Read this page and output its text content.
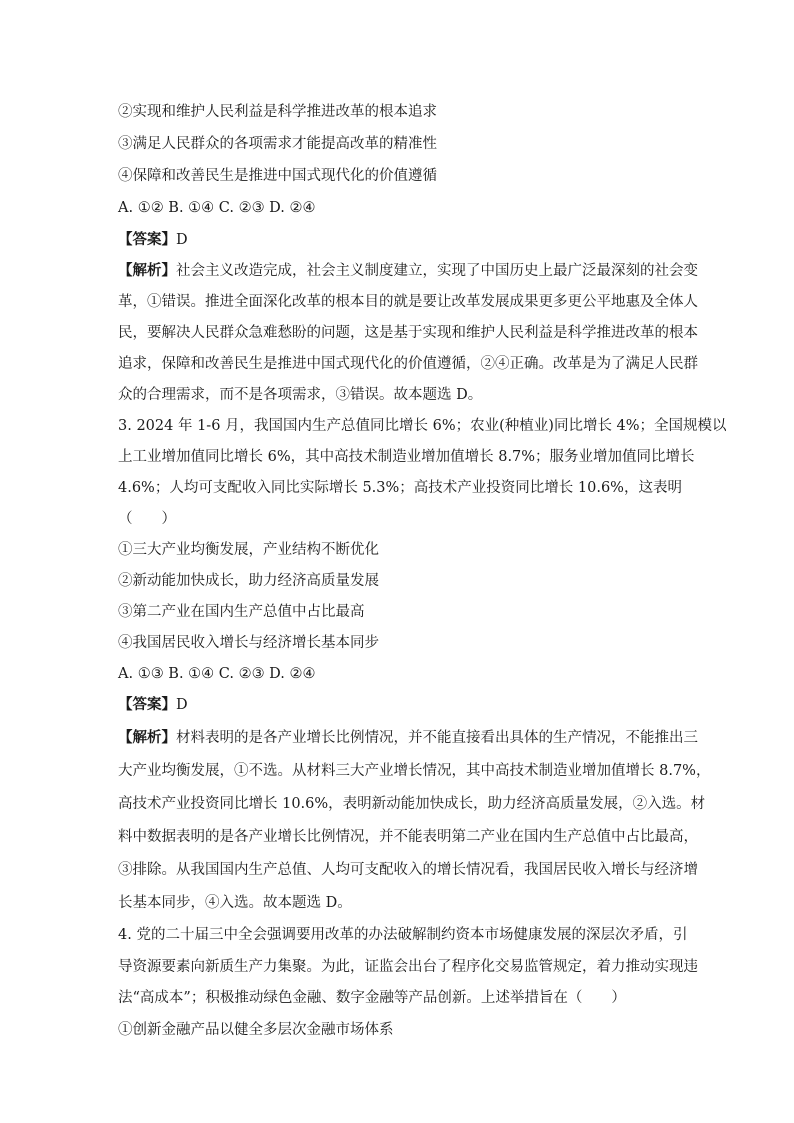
②实现和维护人民利益是科学推进改革的根本追求
③满足人民群众的各项需求才能提高改革的精准性
④保障和改善民生是推进中国式现代化的价值遵循
A. ①② B. ①④ C. ②③ D. ②④
【答案】D
【解析】社会主义改造完成，社会主义制度建立，实现了中国历史上最广泛最深刻的社会变
革，①错误。推进全面深化改革的根本目的就是要让改革发展成果更多更公平地惠及全体人
民，要解决人民群众急难愁盼的问题，这是基于实现和维护人民利益是科学推进改革的根本
追求，保障和改善民生是推进中国式现代化的价值遵循，②④正确。改革是为了满足人民群
众的合理需求，而不是各项需求，③错误。故本题选 D。
3. 2024 年 1-6 月，我国国内生产总值同比增长 6%；农业(种植业)同比增长 4%；全国规模以
上工业增加值同比增长 6%，其中高技术制造业增加值增长 8.7%；服务业增加值同比增长
4.6%；人均可支配收入同比实际增长 5.3%；高技术产业投资同比增长 10.6%，这表明
（　　）
①三大产业均衡发展，产业结构不断优化
②新动能加快成长，助力经济高质量发展
③第二产业在国内生产总值中占比最高
④我国居民收入增长与经济增长基本同步
A. ①③ B. ①④ C. ②③ D. ②④
【答案】D
【解析】材料表明的是各产业增长比例情况，并不能直接看出具体的生产情况，不能推出三
大产业均衡发展，①不选。从材料三大产业增长情况，其中高技术制造业增加值增长 8.7%，
高技术产业投资同比增长 10.6%，表明新动能加快成长，助力经济高质量发展，②入选。材
料中数据表明的是各产业增长比例情况，并不能表明第二产业在国内生产总值中占比最高，
③排除。从我国国内生产总值、人均可支配收入的增长情况看，我国居民收入增长与经济增
长基本同步，④入选。故本题选 D。
4. 党的二十届三中全会强调要用改革的办法破解制约资本市场健康发展的深层次矛盾，引
导资源要素向新质生产力集聚。为此，证监会出台了程序化交易监管规定，着力推动实现违
法“高成本”；积极推动绿色金融、数字金融等产品创新。上述举措旨在（　　）
①创新金融产品以健全多层次金融市场体系
